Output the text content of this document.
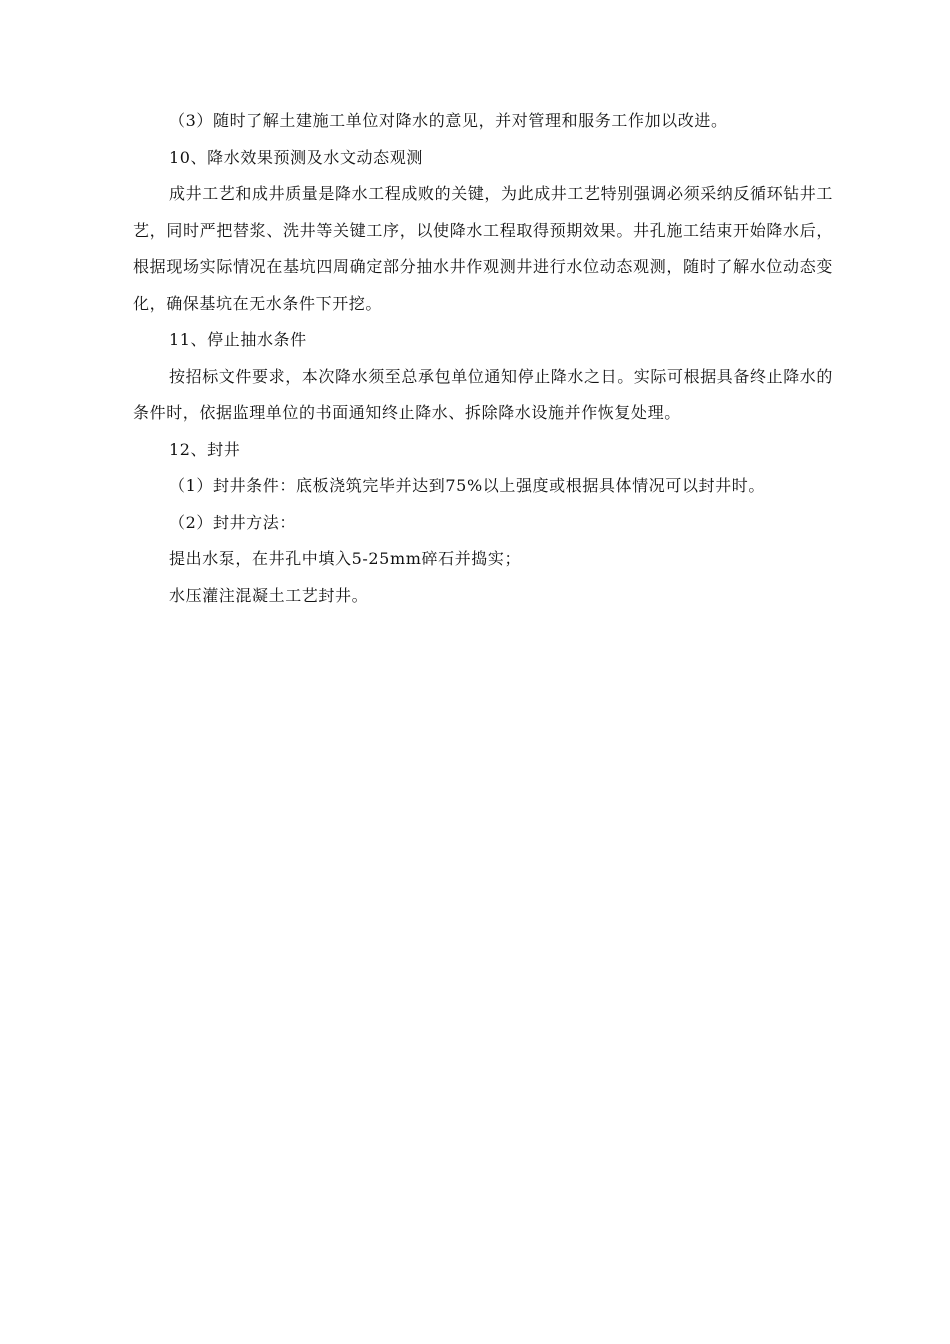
（3）随时了解土建施工单位对降水的意见，并对管理和服务工作加以改进。

10、降水效果预测及水文动态观测

成井工艺和成井质量是降水工程成败的关键，为此成井工艺特别强调必须采纳反循环钻井工艺，同时严把替浆、洗井等关键工序，以使降水工程取得预期效果。井孔施工结束开始降水后，根据现场实际情况在基坑四周确定部分抽水井作观测井进行水位动态观测，随时了解水位动态变化，确保基坑在无水条件下开挖。

11、停止抽水条件

按招标文件要求，本次降水须至总承包单位通知停止降水之日。实际可根据具备终止降水的条件时，依据监理单位的书面通知终止降水、拆除降水设施并作恢复处理。

12、封井

（1）封井条件：底板浇筑完毕并达到75%以上强度或根据具体情况可以封井时。

（2）封井方法：

提出水泵，在井孔中填入5-25mm碎石并捣实；

水压灌注混凝土工艺封井。
